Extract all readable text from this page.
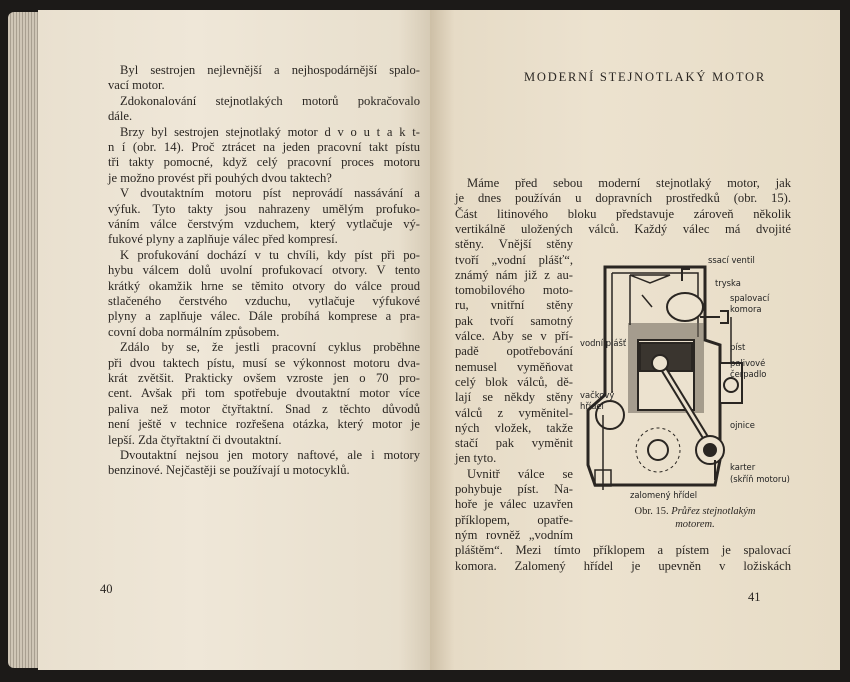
Byl sestrojen nejlevnější a nejhospodárnější spalo-
vací motor.
Zdokonalování stejnotlakých motorů pokračovalo
dále.
Brzy byl sestrojen stejnotlaký motor d v o u t a k t-
n í (obr. 14). Proč ztrácet na jeden pracovní takt pístu
tři takty pomocné, když celý pracovní proces motoru
je možno provést při pouhých dvou taktech?
V dvoutaktním motoru píst neprovádí nassávání a
výfuk. Tyto takty jsou nahrazeny umělým profuko-
váním válce čerstvým vzduchem, který vytlačuje vý-
fukové plyny a zaplňuje válec před kompresí.
K profukování dochází v tu chvíli, kdy píst při po-
hybu válcem dolů uvolní profukovací otvory. V tento
krátký okamžik hrne se těmito otvory do válce proud
stlačeného čerstvého vzduchu, vytlačuje výfukové
plyny a zaplňuje válec. Dále probíhá komprese a pra-
covní doba normálním způsobem.
Zdálo by se, že jestli pracovní cyklus proběhne
při dvou taktech pístu, musí se výkonnost motoru dva-
krát zvětšit. Prakticky ovšem vzroste jen o 70 pro-
cent. Avšak při tom spotřebuje dvoutaktní motor více
paliva než motor čtyřtaktní. Snad z těchto důvodů
není ještě v technice rozřešena otázka, který motor je
lepší. Zda čtyřtaktní či dvoutaktní.
Dvoutaktní nejsou jen motory naftové, ale i motory
benzinové. Nejčastěji se používají u motocyklů.
40
MODERNÍ STEJNOTLAKÝ MOTOR
Máme před sebou moderní stejnotlaký motor, jak
je dnes používán u dopravních prostředků (obr. 15).
Část litinového bloku představuje zároveň několik
vertikálně uložených válců. Každý válec má dvojité
stěny. Vnější stěny
tvoří „vodní plášť“,
známý nám již z au-
tomobilového moto-
ru, vnitřní stěny
pak tvoří samotný
válce. Aby se v pří-
padě opotřebování
nemusel vyměňovat
celý blok válců, dě-
lají se někdy stěny
válců z vyměnitel-
ných vložek, takže
stačí pak vyměnit
jen tyto.
Uvnitř válce se
pohybuje píst. Na-
hoře je válec uzavřen
příklopem, opatře-
ným rovněž „vodním
pláštěm“. Mezi tímto příklopem a pístem je spalovací
komora. Zalomený hřídel je upevněn v ložiskách
ssací ventil
tryska
spalovací
komora
vodní plášť	píst
palivové
čerpadlo
vačkový
hřídel
ojnice
karter
(skříň motoru)
zalomený hřídel
Obr. 15. Průřez stejnotlakým
motorem.
41
